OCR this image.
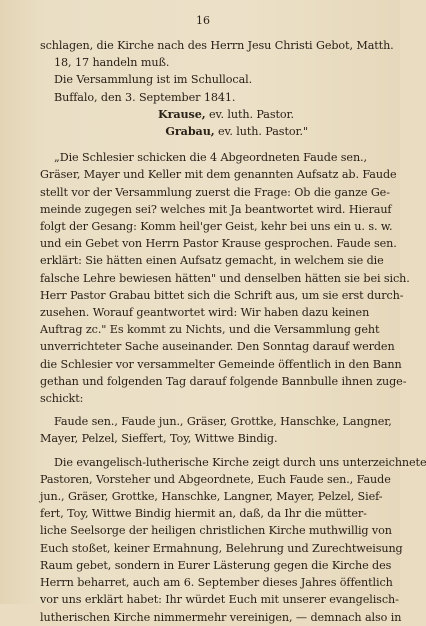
16
schlagen, die Kirche nach des Herrn Jesu Christi Gebot, Matth.
18, 17 handeln muß.
Die Versammlung ist im Schullocal.
Buffalo, den 3. September 1841.
Krause, ev. luth. Pastor.
Grabau, ev. luth. Pastor."
„Die Schlesier schicken die 4 Abgeordneten Faude sen.,
Gräser, Mayer und Keller mit dem genannten Aufsatz ab. Faude
stellt vor der Versammlung zuerst die Frage: Ob die ganze Ge-
meinde zugegen sei? welches mit Ja beantwortet wird. Hierauf
folgt der Gesang: Komm heil'ger Geist, kehr bei uns ein u. s. w.
und ein Gebet von Herrn Pastor Krause gesprochen. Faude sen.
erklärt: Sie hätten einen Aufsatz gemacht, in welchem sie die
falsche Lehre bewiesen hätten" und denselben hätten sie bei sich.
Herr Pastor Grabau bittet sich die Schrift aus, um sie erst durch-
zusehen. Worauf geantwortet wird: Wir haben dazu keinen
Auftrag zc." Es kommt zu Nichts, und die Versammlung geht
unverrichteter Sache auseinander. Den Sonntag darauf werden
die Schlesier vor versammelter Gemeinde öffentlich in den Bann
gethan und folgenden Tag darauf folgende Bannbulle ihnen zuge-
schickt:
Faude sen., Faude jun., Gräser, Grottke, Hanschke, Langner,
Mayer, Pelzel, Sieffert, Toy, Wittwe Bindig.
Die evangelisch-lutherische Kirche zeigt durch uns unterzeichnete
Pastoren, Vorsteher und Abgeordnete, Euch Faude sen., Faude
jun., Gräser, Grottke, Hanschke, Langner, Mayer, Pelzel, Sief-
fert, Toy, Wittwe Bindig hiermit an, daß, da Ihr die mütter-
liche Seelsorge der heiligen christlichen Kirche muthwillig von
Euch stoßet, keiner Ermahnung, Belehrung und Zurechtweisung
Raum gebet, sondern in Eurer Lästerung gegen die Kirche des
Herrn beharret, auch am 6. September dieses Jahres öffentlich
vor uns erklärt habet: Ihr würdet Euch mit unserer evangelisch-
lutherischen Kirche nimmermehr vereinigen, — demnach also in
